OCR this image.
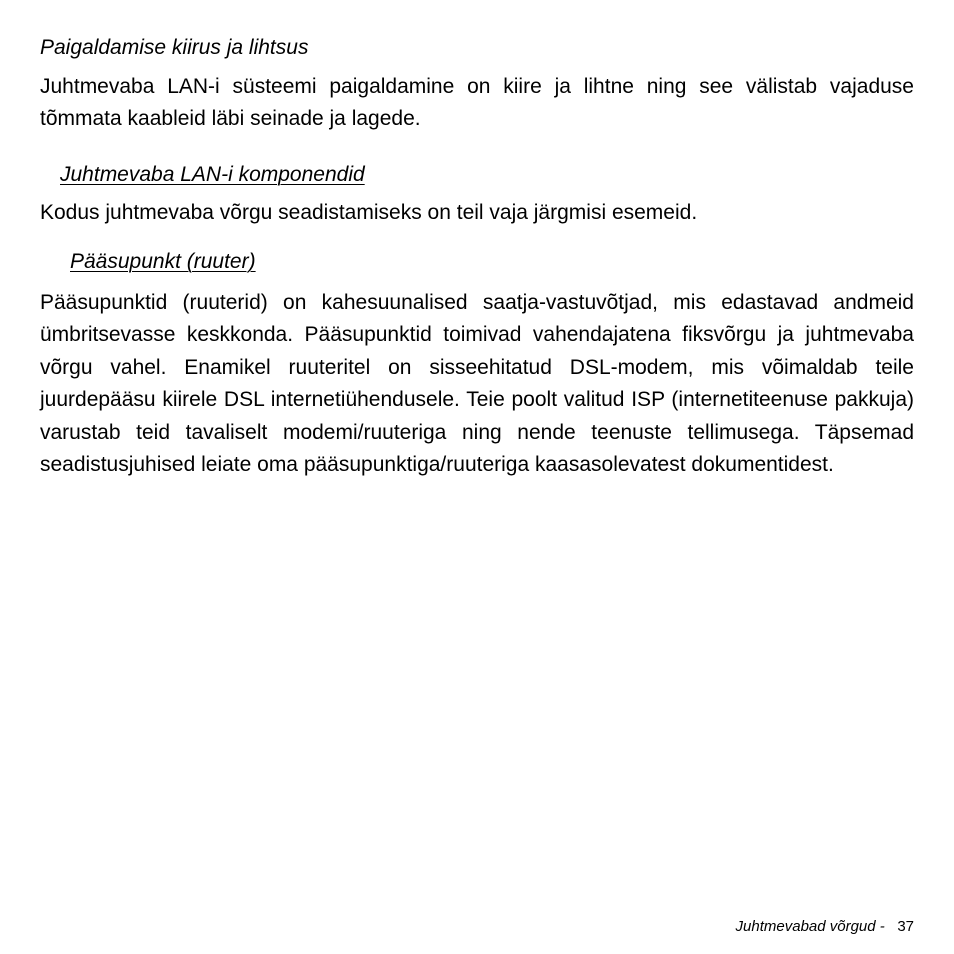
Paigaldamise kiirus ja lihtsus

Juhtmevaba LAN-i süsteemi paigaldamine on kiire ja lihtne ning see välistab vajaduse tõmmata kaableid läbi seinade ja lagede.

Juhtmevaba LAN-i komponendid

Kodus juhtmevaba võrgu seadistamiseks on teil vaja järgmisi esemeid.

Pääsupunkt (ruuter)

Pääsupunktid (ruuterid) on kahesuunalised saatja-vastuvõtjad, mis edastavad andmeid ümbritsevasse keskkonda. Pääsupunktid toimivad vahendajatena fiksvõrgu ja juhtmevaba võrgu vahel. Enamikel ruuteritel on sisseehitatud DSL-modem, mis võimaldab teile juurdepääsu kiirele DSL internetiühendusele. Teie poolt valitud ISP (internetiteenuse pakkuja) varustab teid tavaliselt modemi/ruuteriga ning nende teenuste tellimusega. Täpsemad seadistusjuhised leiate oma pääsupunktiga/ruuteriga kaasasolevatest dokumentidest.

Juhtmevabad võrgud - 37
